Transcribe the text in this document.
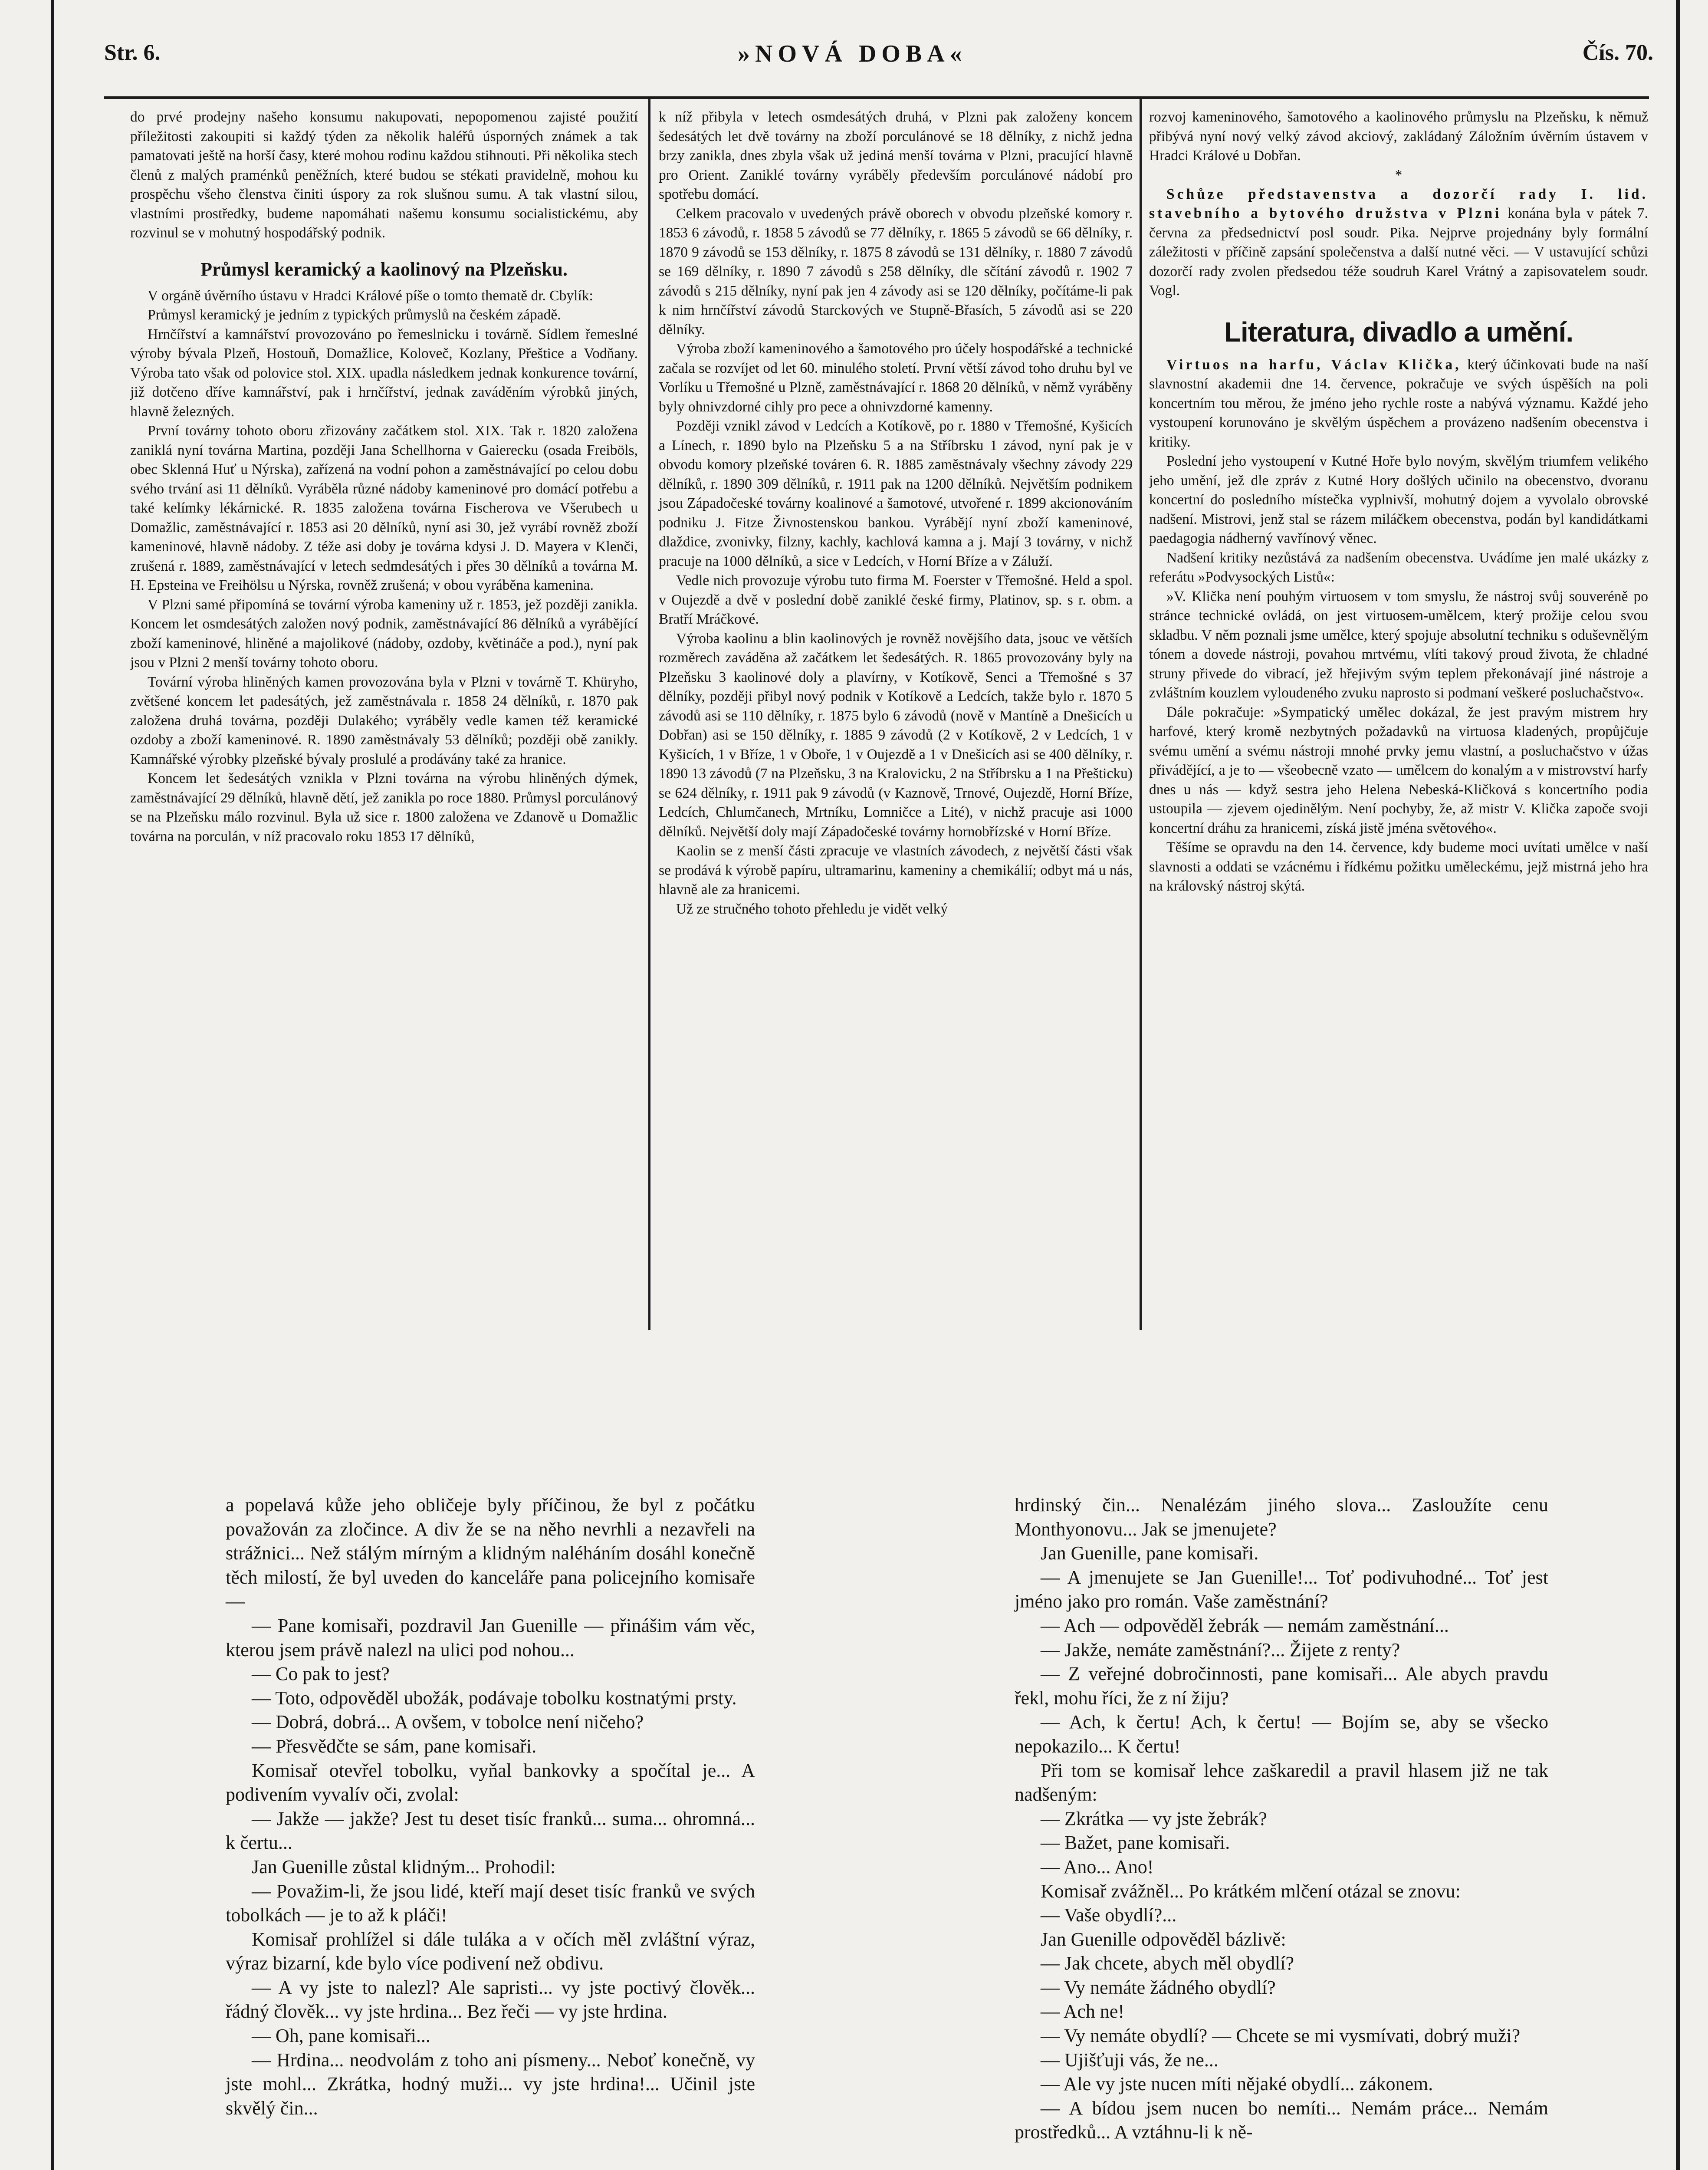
Str. 6.	»NOVÁ DOBA«	Čís. 70.

do prvé prodejny našeho konsumu nakupovati, nepopomenou zajisté použití příležitosti zakoupiti si každý týden za několik haléřů úsporných známek a tak pamatovati ještě na horší časy, které mohou rodinu každou stihnouti. Při několika stech členů z malých praménků peněžních, které budou se stékati pravidelně, mohou ku prospěchu všeho členstva činiti úspory za rok slušnou sumu. A tak vlastní silou, vlastními prostředky, budeme napomáhati našemu konsumu socialistickému, aby rozvinul se v mohutný hospodářský podnik.

Průmysl keramický a kaolinový na Plzeňsku.

V orgáně úvěrního ústavu v Hradci Králové píše o tomto thematě dr. Cbylík:

Průmysl keramický je jedním z typických průmyslů na českém západě.

Hrnčířství a kamnářství provozováno po řemeslnicku i továrně. Sídlem řemeslné výroby bývala Plzeň, Hostouň, Domažlice, Koloveč, Kozlany, Přeštice a Vodňany. Výroba tato však od polovice stol. XIX. upadla následkem jednak konkurence tovární, již dotčeno dříve kamnářství, pak i hrnčířství, jednak zaváděním výrobků jiných, hlavně železných.

První továrny tohoto oboru zřizovány začátkem stol. XIX. Tak r. 1820 založena zaniklá nyní továrna Martina, později Jana Schellhorna v Gaierecku (osada Freiböls, obec Sklenná Huť u Nýrska), zařízená na vodní pohon a zaměstnávající po celou dobu svého trvání asi 11 dělníků. Vyráběla různé nádoby kameninové pro domácí potřebu a také kelímky lékárnické. R. 1835 založena továrna Fischerova ve Všerubech u Domažlic, zaměstnávající r. 1853 asi 20 dělníků, nyní asi 30, jež vyrábí rovněž zboží kameninové, hlavně nádoby. Z téže asi doby je továrna kdysi J. D. Mayera v Klenči, zrušená r. 1889, zaměstnávající v letech sedmdesátých i přes 30 dělníků a továrna M. H. Epsteina ve Freihölsu u Nýrska, rovněž zrušená; v obou vyráběna kamenina.

V Plzni samé připomíná se tovární výroba kameniny už r. 1853, jež později zanikla. Koncem let osmdesátých založen nový podnik, zaměstnávající 86 dělníků a vyrábějící zboží kameninové, hliněné a majolikové (nádoby, ozdoby, květináče a pod.), nyní pak jsou v Plzni 2 menší továrny tohoto oboru.

Tovární výroba hliněných kamen provozována byla v Plzni v továrně T. Khüryho, zvětšené koncem let padesátých, jež zaměstnávala r. 1858 24 dělníků, r. 1870 pak založena druhá továrna, později Dulakého; vyráběly vedle kamen též keramické ozdoby a zboží kameninové. R. 1890 zaměstnávaly 53 dělníků; později obě zanikly. Kamnářské výrobky plzeňské bývaly proslulé a prodávány také za hranice.

Koncem let šedesátých vznikla v Plzni továrna na výrobu hliněných dýmek, zaměstnávající 29 dělníků, hlavně dětí, jež zanikla po roce 1880. Průmysl porculánový se na Plzeňsku málo rozvinul. Byla už sice r. 1800 založena ve Zdanově u Domažlic továrna na porculán, v níž pracovalo roku 1853 17 dělníků,

k níž přibyla v letech osmdesátých druhá, v Plzni pak založeny koncem šedesátých let dvě továrny na zboží porculánové se 18 dělníky, z nichž jedna brzy zanikla, dnes zbyla však už jediná menší továrna v Plzni, pracující hlavně pro Orient. Zaniklé továrny vyráběly především porculánové nádobí pro spotřebu domácí.

Celkem pracovalo v uvedených právě oborech v obvodu plzeňské komory r. 1853 6 závodů, r. 1858 5 závodů se 77 dělníky, r. 1865 5 závodů se 66 dělníky, r. 1870 9 závodů se 153 dělníky, r. 1875 8 závodů se 131 dělníky, r. 1880 7 závodů se 169 dělníky, r. 1890 7 závodů s 258 dělníky, dle sčítání závodů r. 1902 7 závodů s 215 dělníky, nyní pak jen 4 závody asi se 120 dělníky, počítáme-li pak k nim hrnčířství závodů Starckových ve Stupně-Břasích, 5 závodů asi se 220 dělníky.

Výroba zboží kameninového a šamotového pro účely hospodářské a technické začala se rozvíjet od let 60. minulého století. První větší závod toho druhu byl ve Vorlíku u Třemošné u Plzně, zaměstnávající r. 1868 20 dělníků, v němž vyráběny byly ohnivzdorné cihly pro pece a ohnivzdorné kamenny.

Později vznikl závod v Ledcích a Kotíkově, po r. 1880 v Třemošné, Kyšicích a Línech, r. 1890 bylo na Plzeňsku 5 a na Stříbrsku 1 závod, nyní pak je v obvodu komory plzeňské továren 6. R. 1885 zaměstnávaly všechny závody 229 dělníků, r. 1890 309 dělníků, r. 1911 pak na 1200 dělníků. Největším podnikem jsou Západočeské továrny koalinové a šamotové, utvořené r. 1899 akcionováním podniku J. Fitze Živnostenskou bankou. Vyrábějí nyní zboží kameninové, dlaždice, zvonivky, filzny, kachly, kachlová kamna a j. Mají 3 továrny, v nichž pracuje na 1000 dělníků, a sice v Ledcích, v Horní Bříze a v Záluží.

Vedle nich provozuje výrobu tuto firma M. Foerster v Třemošné. Held a spol. v Oujezdě a dvě v poslední době zaniklé české firmy, Platinov, sp. s r. obm. a Bratří Mráčkové.

Výroba kaolinu a blin kaolinových je rovněž novějšího data, jsouc ve větších rozměrech zaváděna až začátkem let šedesátých. R. 1865 provozovány byly na Plzeňsku 3 kaolinové doly a plavírny, v Kotíkově, Senci a Třemošné s 37 dělníky, později přibyl nový podnik v Kotíkově a Ledcích, takže bylo r. 1870 5 závodů asi se 110 dělníky, r. 1875 bylo 6 závodů (nově v Mantíně a Dnešicích u Dobřan) asi se 150 dělníky, r. 1885 9 závodů (2 v Kotíkově, 2 v Ledcích, 1 v Kyšicích, 1 v Bříze, 1 v Oboře, 1 v Oujezdě a 1 v Dnešicích asi se 400 dělníky, r. 1890 13 závodů (7 na Plzeňsku, 3 na Kralovicku, 2 na Stříbrsku a 1 na Přešticku) se 624 dělníky, r. 1911 pak 9 závodů (v Kaznově, Trnové, Oujezdě, Horní Bříze, Ledcích, Chlumčanech, Mrtníku, Lomničce a Lité), v nichž pracuje asi 1000 dělníků. Největší doly mají Západočeské továrny hornobřízské v Horní Bříze.

Kaolin se z menší části zpracuje ve vlastních závodech, z největší části však se prodává k výrobě papíru, ultramarinu, kameniny a chemikálií; odbyt má u nás, hlavně ale za hranicemi.

Už ze stručného tohoto přehledu je vidět velký

rozvoj kameninového, šamotového a kaolinového průmyslu na Plzeňsku, k němuž přibývá nyní nový velký závod akciový, zakládaný Záložním úvěrním ústavem v Hradci Králové u Dobřan.

*

Schůze představenstva a dozorčí rady I. lid. stavebního a bytového družstva v Plzni konána byla v pátek 7. června za předsednictví posl soudr. Pika. Nejprve projednány byly formální záležitosti v příčině zapsání společenstva a další nutné věci. — V ustavující schůzi dozorčí rady zvolen předsedou téže soudruh Karel Vrátný a zapisovatelem soudr. Vogl.

Literatura, divadlo a umění.

Virtuos na harfu, Václav Klička, který účinkovati bude na naší slavnostní akademii dne 14. července, pokračuje ve svých úspěších na poli koncertním tou měrou, že jméno jeho rychle roste a nabývá významu. Každé jeho vystoupení korunováno je skvělým úspěchem a provázeno nadšením obecenstva i kritiky.

Poslední jeho vystoupení v Kutné Hoře bylo novým, skvělým triumfem velikého jeho umění, jež dle zpráv z Kutné Hory došlých učinilo na obecenstvo, dvoranu koncertní do posledního místečka vyplnivší, mohutný dojem a vyvolalo obrovské nadšení. Mistrovi, jenž stal se rázem miláčkem obecenstva, podán byl kandidátkami paedagogia nádherný vavřínový věnec.

Nadšení kritiky nezůstává za nadšením obecenstva. Uvádíme jen malé ukázky z referátu »Podvysockých Listů«:

»V. Klička není pouhým virtuosem v tom smyslu, že nástroj svůj souveréně po stránce technické ovládá, on jest virtuosem-umělcem, který prožije celou svou skladbu. V něm poznali jsme umělce, který spojuje absolutní techniku s oduševnělým tónem a dovede nástroji, povahou mrtvému, vlíti takový proud života, že chladné struny přivede do vibrací, jež hřejivým svým teplem překonávají jiné nástroje a zvláštním kouzlem vyloudeného zvuku naprosto si podmaní veškeré posluchačstvo«.

Dále pokračuje: »Sympatický umělec dokázal, že jest pravým mistrem hry harfové, který kromě nezbytných požadavků na virtuosa kladených, propůjčuje svému umění a svému nástroji mnohé prvky jemu vlastní, a posluchačstvo v úžas přivádějící, a je to — všeobecně vzato — umělcem do konalým a v mistrovství harfy dnes u nás — když sestra jeho Helena Nebeská-Kličková s koncertního podia ustoupila — zjevem ojedinělým. Není pochyby, že, až mistr V. Klička započe svoji koncertní dráhu za hranicemi, získá jistě jména světového«.

Těšíme se opravdu na den 14. července, kdy budeme moci uvítati umělce v naší slavnosti a oddati se vzácnému i řídkému požitku uměleckému, jejž mistrná jeho hra na královský nástroj skýtá.

a popelavá kůže jeho obličeje byly příčinou, že byl z počátku považován za zločince. A div že se na něho nevrhli a nezavřeli na strážnici... Než stálým mírným a klidným naléháním dosáhl konečně těch milostí, že byl uveden do kanceláře pana policejního komisaře —

— Pane komisaři, pozdravil Jan Guenille — přinášim vám věc, kterou jsem právě nalezl na ulici pod nohou...

— Co pak to jest?

— Toto, odpověděl ubožák, podávaje tobolku kostnatými prsty.

— Dobrá, dobrá... A ovšem, v tobolce není ničeho?

— Přesvědčte se sám, pane komisaři.

Komisař otevřel tobolku, vyňal bankovky a spočítal je... A podivením vyvalív oči, zvolal:

— Jakže — jakže? Jest tu deset tisíc franků... suma... ohromná... k čertu...

Jan Guenille zůstal klidným... Prohodil:

— Považim-li, že jsou lidé, kteří mají deset tisíc franků ve svých tobolkách — je to až k pláči!

Komisař prohlížel si dále tuláka a v očích měl zvláštní výraz, výraz bizarní, kde bylo více podivení než obdivu.

— A vy jste to nalezl? Ale sapristi... vy jste poctivý člověk... řádný člověk... vy jste hrdina... Bez řeči — vy jste hrdina.

— Oh, pane komisaři...

— Hrdina... neodvolám z toho ani písmeny... Neboť konečně, vy jste mohl... Zkrátka, hodný muži... vy jste hrdina!... Učinil jste skvělý čin...

hrdinský čin... Nenalézám jiného slova... Zasloužíte cenu Monthyonovu... Jak se jmenujete?

Jan Guenille, pane komisaři.

— A jmenujete se Jan Guenille!... Toť podivuhodné... Toť jest jméno jako pro román. Vaše zaměstnání?

— Ach — odpověděl žebrák — nemám zaměstnání...

— Jakže, nemáte zaměstnání?... Žijete z renty?

— Z veřejné dobročinnosti, pane komisaři... Ale abych pravdu řekl, mohu říci, že z ní žiju?

— Ach, k čertu! Ach, k čertu! — Bojím se, aby se všecko nepokazilo... K čertu!

Při tom se komisař lehce zaškaredil a pravil hlasem již ne tak nadšeným:

— Zkrátka — vy jste žebrák?

— Bažet, pane komisaři.

— Ano... Ano!

Komisař zvážněl... Po krátkém mlčení otázal se znovu:

— Vaše obydlí?...

Jan Guenille odpověděl bázlivě:

— Jak chcete, abych měl obydlí?

— Vy nemáte žádného obydlí?

— Ach ne!

— Vy nemáte obydlí? — Chcete se mi vysmívati, dobrý muži?

— Ujišťuji vás, že ne...

— Ale vy jste nucen míti nějaké obydlí... zákonem.

— A bídou jsem nucen bo nemíti... Nemám práce... Nemám prostředků... A vztáhnu-li k ně-
